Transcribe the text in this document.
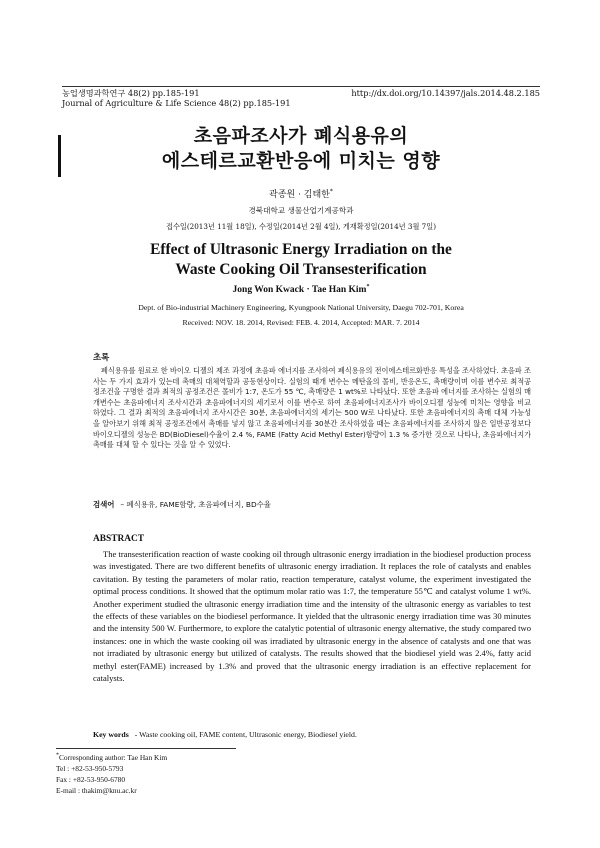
농업생명과학연구 48(2) pp.185-191
Journal of Agriculture & Life Science 48(2) pp.185-191
http://dx.doi.org/10.14397/jals.2014.48.2.185
초음파조사가 폐식용유의
에스테르교환반응에 미치는 영향
곽종원 · 김태한*
경북대학교 생물산업기계공학과
접수일(2013년 11월 18일), 수정일(2014년 2월 4일), 게재확정일(2014년 3월 7일)
Effect of Ultrasonic Energy Irradiation on the
Waste Cooking Oil Transesterification
Jong Won Kwack · Tae Han Kim*
Dept. of Bio-industrial Machinery Engineering, Kyungpook National University, Daegu 702-701, Korea
Received: NOV. 18. 2014, Revised: FEB. 4. 2014, Accepted: MAR. 7. 2014
초록
폐식용유를 원료로 한 바이오 디젤의 제조 과정에 초음파 에너지를 조사하여 폐식용유의 전이에스테르화반응 특성을 조사하였다. 초음파 조사는 두 가지 효과가 있는데 촉매의 대체역할과 공동현상이다. 실험의 때개 변수는 메탄올의 몰비, 반응온도, 촉매량이며 이를 변수로 최적공정조건을 구명한 결과 최적의 공정조건은 몰비가 1:7, 온도가 55 ℃, 촉매량은 1 wt%로 나타났다. 또한 초음파 에너지를 조사하는 실험의 매개변수는 초음파에너지 조사시간과 초음파에너지의 세기로서 이를 변수로 하여 초음파에너지조사가 바이오디젤 성능에 미치는 영향을 비교 하였다. 그 결과 최적의 초음파에너지 조사시간은 30분, 초음파에너지의 세기는 500 W로 나타났다. 또한 초음파에너지의 촉매 대체 가능성을 알아보기 위해 최적 공정조건에서 촉매를 넣지 않고 초음파에너지를 30분간 조사하였을 때는 초음파에너지를 조사하지 않은 일반공정보다 바이오디젤의 성능은 BD(BioDiesel)수율이 2.4 %, FAME (Fatty Acid Methyl Ester)함량이 1.3 % 증가한 것으로 나타나, 초음파에너지가 촉매를 대체 할 수 있다는 것을 알 수 있었다.
검색어 – 폐식용유, FAME함량, 초음파에너지, BD수율
ABSTRACT
The transesterification reaction of waste cooking oil through ultrasonic energy irradiation in the biodiesel production process was investigated. There are two different benefits of ultrasonic energy irradiation. It replaces the role of catalysts and enables cavitation. By testing the parameters of molar ratio, reaction temperature, catalyst volume, the experiment investigated the optimal process conditions. It showed that the optimum molar ratio was 1:7, the temperature 55℃ and catalyst volume 1 wt%. Another experiment studied the ultrasonic energy irradiation time and the intensity of the ultrasonic energy as variables to test the effects of these variables on the biodiesel performance. It yielded that the ultrasonic energy irradiation time was 30 minutes and the intensity 500 W. Furthermore, to explore the catalytic potential of ultrasonic energy alternative, the study compared two instances: one in which the waste cooking oil was irradiated by ultrasonic energy in the absence of catalysts and one that was not irradiated by ultrasonic energy but utilized of catalysts. The results showed that the biodiesel yield was 2.4%, fatty acid methyl ester(FAME) increased by 1.3% and proved that the ultrasonic energy irradiation is an effective replacement for catalysts.
Key words - Waste cooking oil, FAME content, Ultrasonic energy, Biodiesel yield.
*Corresponding author: Tae Han Kim
Tel : +82-53-950-5793
Fax : +82-53-950-6780
E-mail : thakim@knu.ac.kr
